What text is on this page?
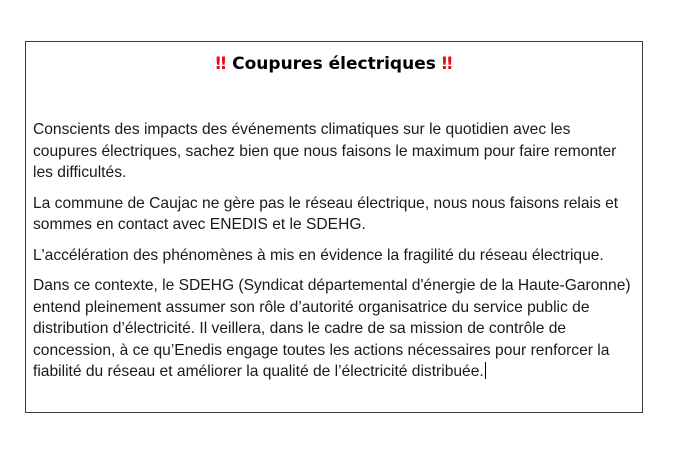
‼ Coupures électriques ‼

Conscients des impacts des événements climatiques sur le quotidien avec les coupures électriques, sachez bien que nous faisons le maximum pour faire remonter les difficultés.

La commune de Caujac ne gère pas le réseau électrique, nous nous faisons relais et sommes en contact avec ENEDIS et le SDEHG.

L'accélération des phénomènes à mis en évidence la fragilité du réseau électrique.

Dans ce contexte, le SDEHG (Syndicat départemental d'énergie de la Haute-Garonne) entend pleinement assumer son rôle d’autorité organisatrice du service public de distribution d’électricité. Il veillera, dans le cadre de sa mission de contrôle de concession, à ce qu’Enedis engage toutes les actions nécessaires pour renforcer la fiabilité du réseau et améliorer la qualité de l’électricité distribuée.
